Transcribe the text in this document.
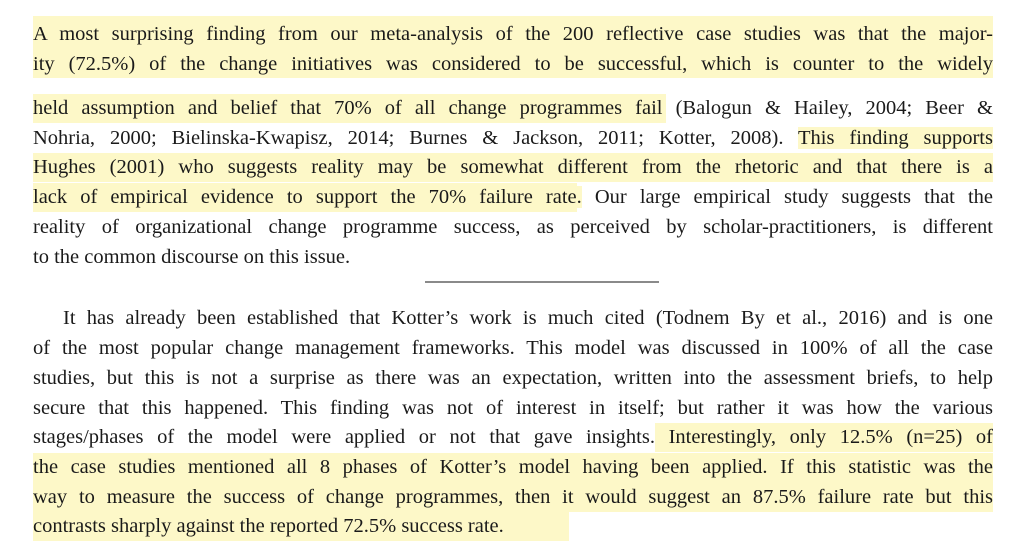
A most surprising finding from our meta-analysis of the 200 reflective case studies was that the major-
ity (72.5%) of the change initiatives was considered to be successful, which is counter to the widely
held assumption and belief that 70% of all change programmes fail (Balogun & Hailey, 2004; Beer &
Nohria, 2000; Bielinska-Kwapisz, 2014; Burnes & Jackson, 2011; Kotter, 2008). This finding supports
Hughes (2001) who suggests reality may be somewhat different from the rhetoric and that there is a
lack of empirical evidence to support the 70% failure rate. Our large empirical study suggests that the
reality of organizational change programme success, as perceived by scholar-practitioners, is different
to the common discourse on this issue.
It has already been established that Kotter’s work is much cited (Todnem By et al., 2016) and is one
of the most popular change management frameworks. This model was discussed in 100% of all the case
studies, but this is not a surprise as there was an expectation, written into the assessment briefs, to help
secure that this happened. This finding was not of interest in itself; but rather it was how the various
stages/phases of the model were applied or not that gave insights. Interestingly, only 12.5% (n=25) of
the case studies mentioned all 8 phases of Kotter’s model having been applied. If this statistic was the
way to measure the success of change programmes, then it would suggest an 87.5% failure rate but this
contrasts sharply against the reported 72.5% success rate.
